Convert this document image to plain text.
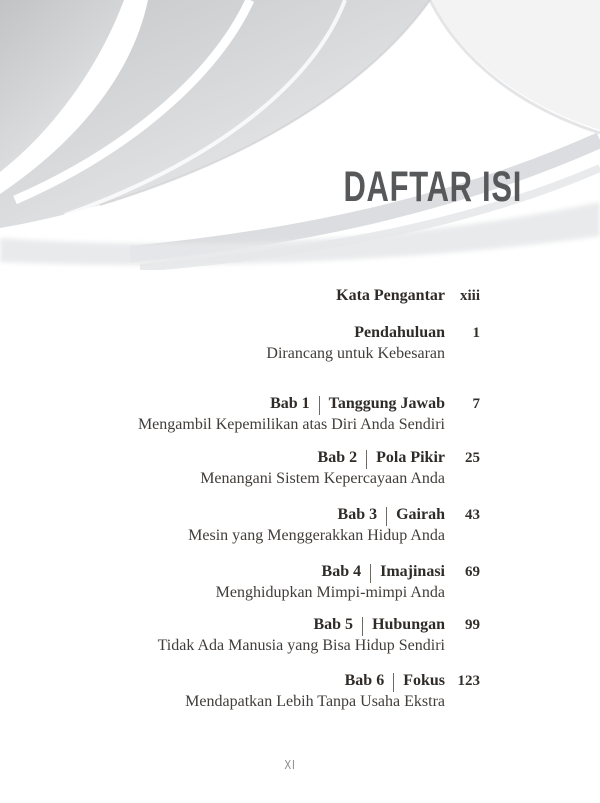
DAFTAR ISI
Kata Pengantar xiii
Pendahuluan	1
Dirancang untuk Kebesaran
Bab 1 Tanggung Jawab	7
Mengambil Kepemilikan atas Diri Anda Sendiri
Bab 2 Pola Pikir	25
Menangani Sistem Kepercayaan Anda
Bab 3 Gairah	43
Mesin yang Menggerakkan Hidup Anda
Bab 4 Imajinasi	69
Menghidupkan Mimpi-mimpi Anda
Bab 5 Hubungan	99
Tidak Ada Manusia yang Bisa Hidup Sendiri
Bab 6 Fokus 123
Mendapatkan Lebih Tanpa Usaha Ekstra
XI
